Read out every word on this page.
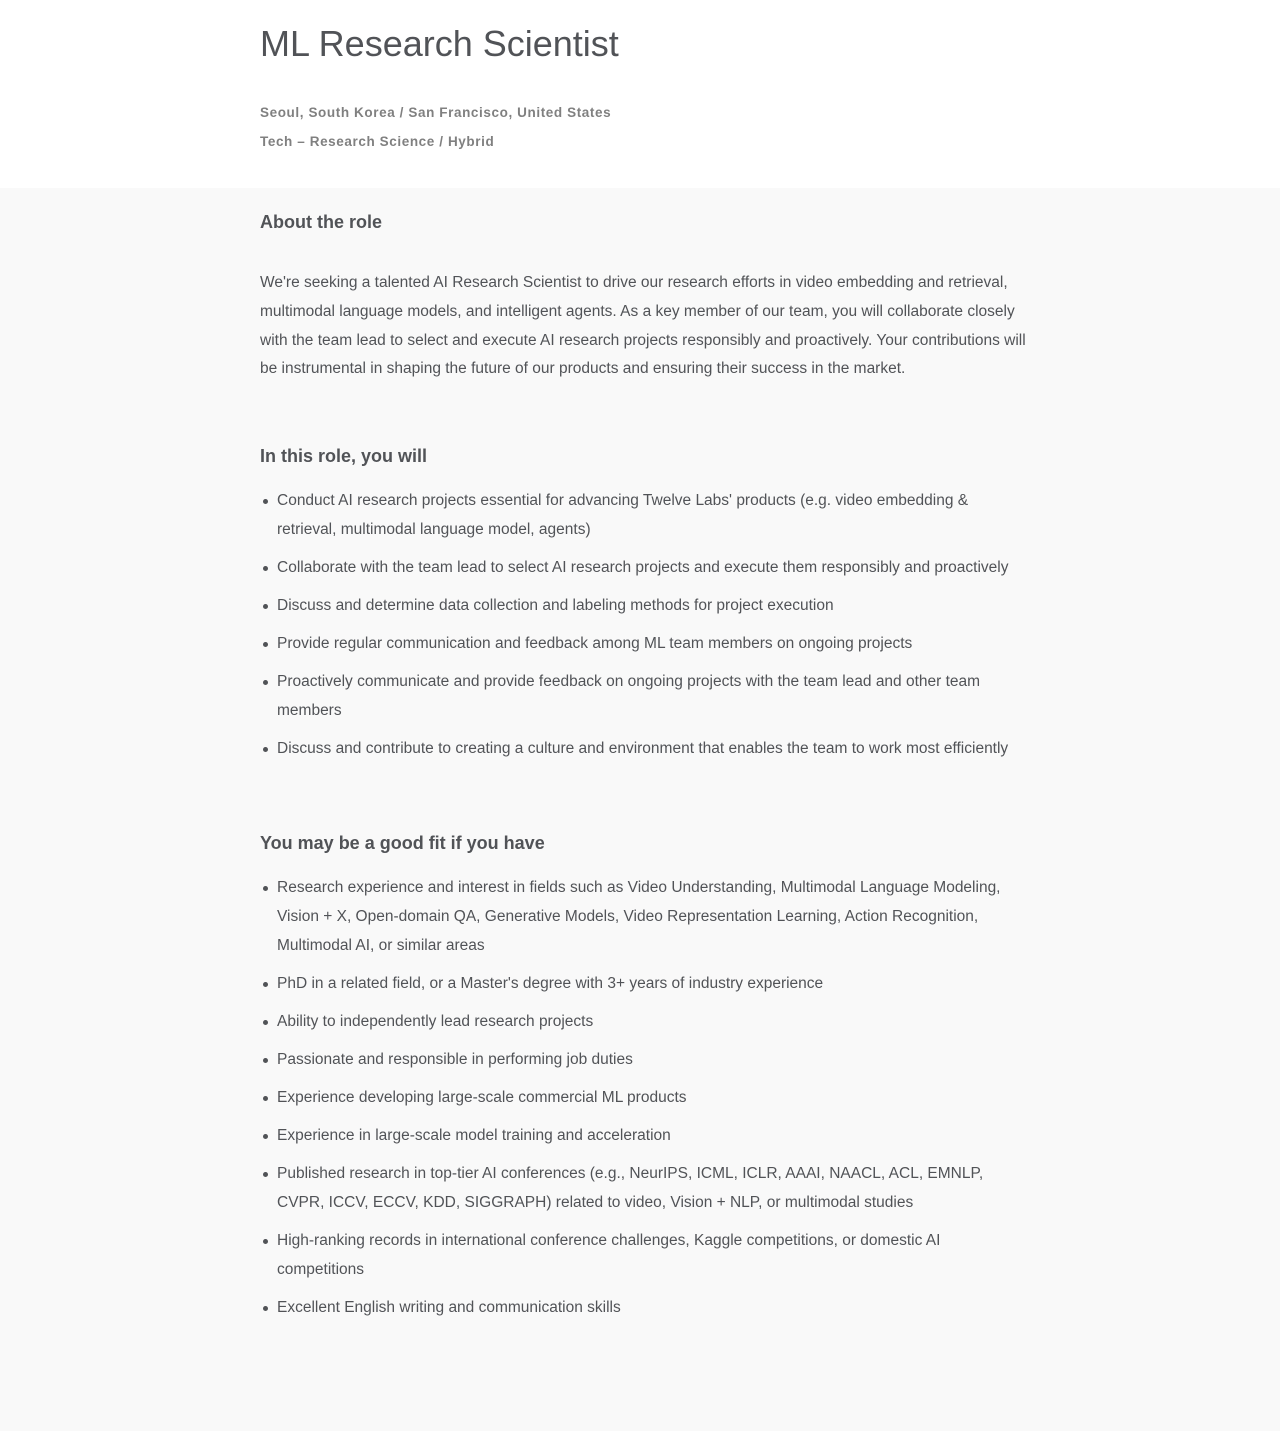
ML Research Scientist
Seoul, South Korea / San Francisco, United States
Tech – Research Science / Hybrid
About the role

We're seeking a talented AI Research Scientist to drive our research efforts in video embedding and retrieval, multimodal language models, and intelligent agents. As a key member of our team, you will collaborate closely with the team lead to select and execute AI research projects responsibly and proactively. Your contributions will be instrumental in shaping the future of our products and ensuring their success in the market.

In this role, you will
Conduct AI research projects essential for advancing Twelve Labs' products (e.g. video embedding & retrieval, multimodal language model, agents)
Collaborate with the team lead to select AI research projects and execute them responsibly and proactively
Discuss and determine data collection and labeling methods for project execution
Provide regular communication and feedback among ML team members on ongoing projects
Proactively communicate and provide feedback on ongoing projects with the team lead and other team members
Discuss and contribute to creating a culture and environment that enables the team to work most efficiently
You may be a good fit if you have
Research experience and interest in fields such as Video Understanding, Multimodal Language Modeling, Vision + X, Open-domain QA, Generative Models, Video Representation Learning, Action Recognition, Multimodal AI, or similar areas
PhD in a related field, or a Master's degree with 3+ years of industry experience
Ability to independently lead research projects
Passionate and responsible in performing job duties
Experience developing large-scale commercial ML products
Experience in large-scale model training and acceleration
Published research in top-tier AI conferences (e.g., NeurIPS, ICML, ICLR, AAAI, NAACL, ACL, EMNLP, CVPR, ICCV, ECCV, KDD, SIGGRAPH) related to video, Vision + NLP, or multimodal studies
High-ranking records in international conference challenges, Kaggle competitions, or domestic AI competitions
Excellent English writing and communication skills
